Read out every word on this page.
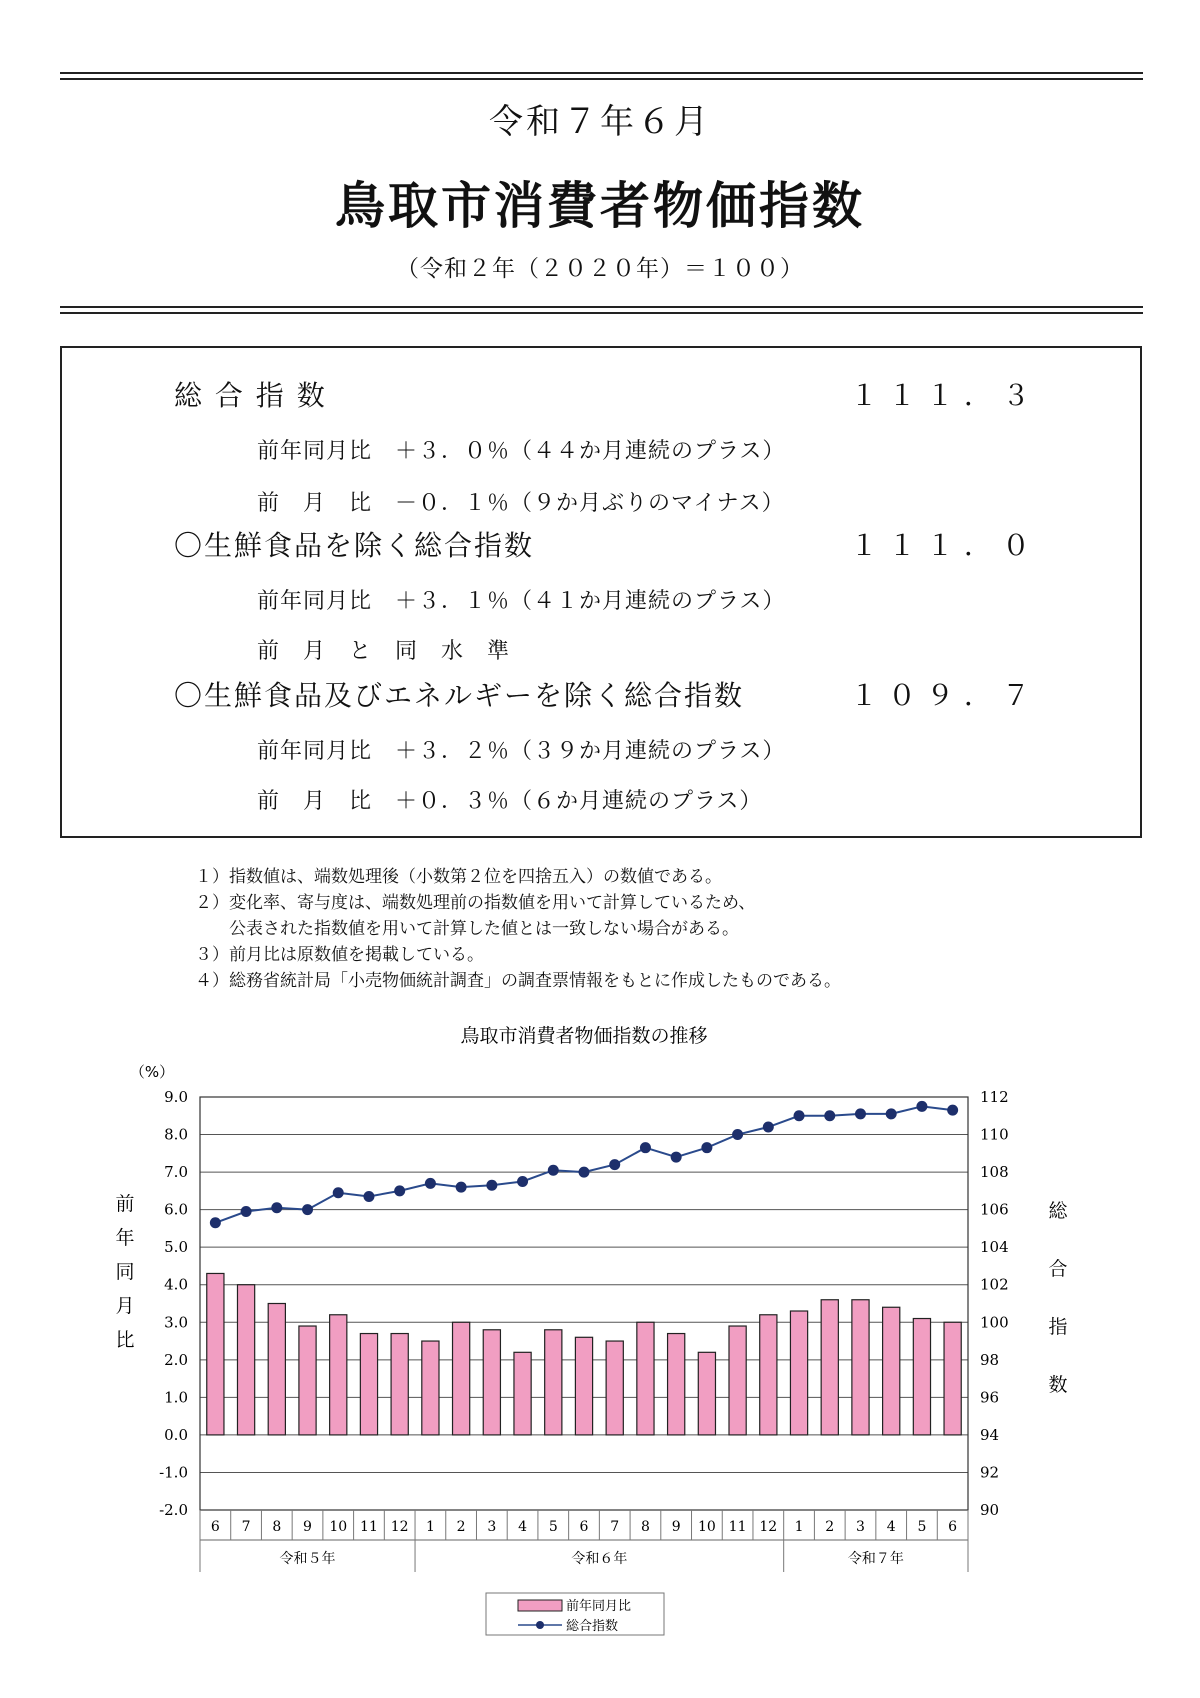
令和７年６月
鳥取市消費者物価指数
（令和２年（２０２０年）＝１００）
総 合 指 数	１１１．３
前年同月比　＋３．０％（４４か月連続のプラス）
前　月　比　－０．１％（９か月ぶりのマイナス）
〇生鮮食品を除く総合指数	１１１．０
前年同月比　＋３．１％（４１か月連続のプラス）
前　月　と　同　水　準
〇生鮮食品及びエネルギーを除く総合指数	１０９．７
前年同月比　＋３．２％（３９か月連続のプラス）
前　月　比　＋０．３％（６か月連続のプラス）
１）指数値は、端数処理後（小数第２位を四捨五入）の数値である。
２）変化率、寄与度は、端数処理前の指数値を用いて計算しているため、
　　公表された指数値を用いて計算した値とは一致しない場合がある。
３）前月比は原数値を掲載している。
４）総務省統計局「小売物価統計調査」の調査票情報をもとに作成したものである。
鳥取市消費者物価指数の推移
（%）
9.0
8.0
7.0
6.0
5.0
4.0
3.0
2.0
1.0
0.0
-1.0
-2.0
112
110
108
106
104
102
100
98
96
94
92
90
6 7 8 9 10 11 12 1 2 3 4 5 6 7 8 9 10 11 12 1 2 3 4 5 6
令和５年	令和６年	令和７年
前
年
同
月
比
総
合
指
数
前年同月比
総合指数
